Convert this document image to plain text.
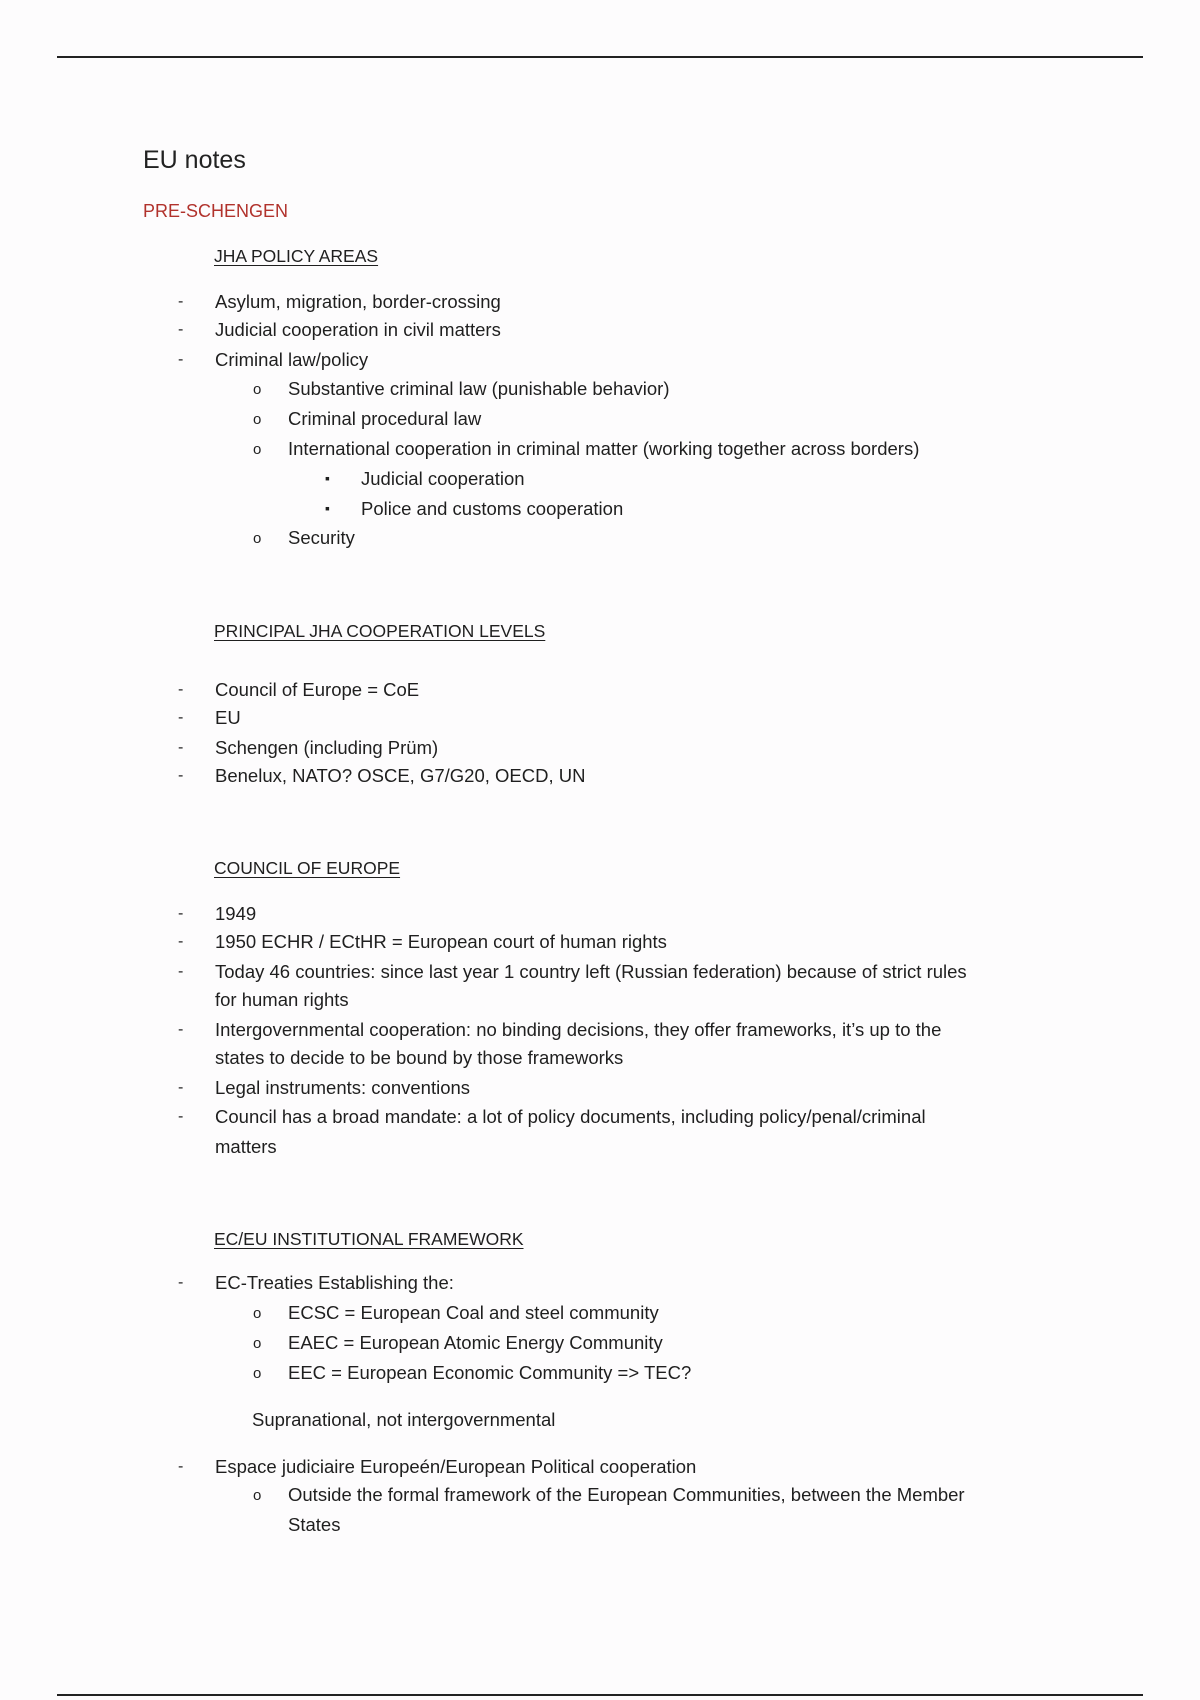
EU notes
PRE-SCHENGEN
JHA POLICY AREAS
- Asylum, migration, border-crossing
- Judicial cooperation in civil matters
- Criminal law/policy
o Substantive criminal law (punishable behavior)
o Criminal procedural law
o International cooperation in criminal matter (working together across borders)
▪ Judicial cooperation
▪ Police and customs cooperation
o Security
PRINCIPAL JHA COOPERATION LEVELS
- Council of Europe = CoE
- EU
- Schengen (including Prüm)
- Benelux, NATO? OSCE, G7/G20, OECD, UN
COUNCIL OF EUROPE
- 1949
- 1950 ECHR / ECtHR = European court of human rights
- Today 46 countries: since last year 1 country left (Russian federation) because of strict rules
for human rights
- Intergovernmental cooperation: no binding decisions, they offer frameworks, it’s up to the
states to decide to be bound by those frameworks
- Legal instruments: conventions
- Council has a broad mandate: a lot of policy documents, including policy/penal/criminal
matters
EC/EU INSTITUTIONAL FRAMEWORK
- EC-Treaties Establishing the:
o ECSC = European Coal and steel community
o EAEC = European Atomic Energy Community
o EEC = European Economic Community => TEC?
Supranational, not intergovernmental
- Espace judiciaire Europeén/European Political cooperation
o Outside the formal framework of the European Communities, between the Member
States
